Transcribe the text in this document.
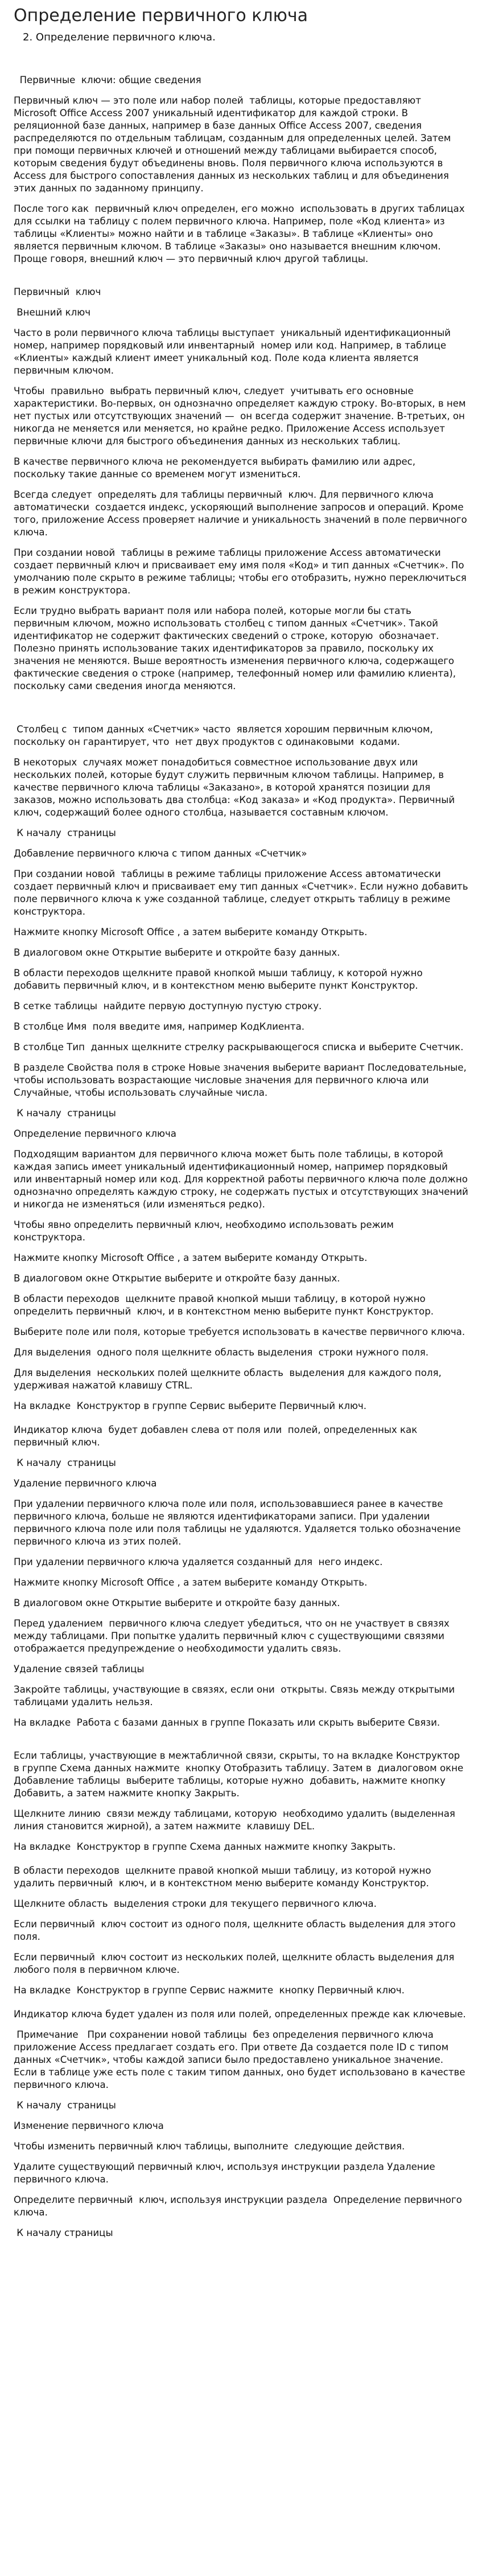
Определение первичного ключа
2. Определение первичного ключа.

Первичные  ключи: общие сведения

Первичный ключ — это поле или набор полей  таблицы, которые предоставляют  Microsoft Office Access 2007 уникальный идентификатор для каждой строки. В реляционной базе данных, например в базе данных Office Access 2007, сведения распределяются по отдельным таблицам, созданным для определенных целей. Затем при помощи первичных ключей и отношений между таблицами выбирается способ, которым сведения будут объединены вновь. Поля первичного ключа используются в Access для быстрого сопоставления данных из нескольких таблиц и для объединения этих данных по заданному принципу.

После того как  первичный ключ определен, его можно  использовать в других таблицах для ссылки на таблицу с полем первичного ключа. Например, поле «Код клиента» из таблицы «Клиенты» можно найти и в таблице «Заказы». В таблице «Клиенты» оно является первичным ключом. В таблице «Заказы» оно называется внешним ключом. Проще говоря, внешний ключ — это первичный ключ другой таблицы.

Первичный  ключ

Внешний ключ

Часто в роли первичного ключа таблицы выступает  уникальный идентификационный номер, например порядковый или инвентарный  номер или код. Например, в таблице «Клиенты» каждый клиент имеет уникальный код. Поле кода клиента является первичным ключом.

Чтобы  правильно  выбрать первичный ключ, следует  учитывать его основные характеристики. Во-первых, он однозначно определяет каждую строку. Во-вторых, в нем нет пустых или отсутствующих значений —  он всегда содержит значение. В-третьих, он никогда не меняется или меняется, но крайне редко. Приложение Access использует первичные ключи для быстрого объединения данных из нескольких таблиц.

В качестве первичного ключа не рекомендуется выбирать фамилию или адрес, поскольку такие данные со временем могут измениться.

Всегда следует  определять для таблицы первичный  ключ. Для первичного ключа  автоматически  создается индекс, ускоряющий выполнение запросов и операций. Кроме того, приложение Access проверяет наличие и уникальность значений в поле первичного ключа.

При создании новой  таблицы в режиме таблицы приложение Access автоматически создает первичный ключ и присваивает ему имя поля «Код» и тип данных «Счетчик». По умолчанию поле скрыто в режиме таблицы; чтобы его отобразить, нужно переключиться в режим конструктора.

Если трудно выбрать вариант поля или набора полей, которые могли бы стать первичным ключом, можно использовать столбец с типом данных «Счетчик». Такой идентификатор не содержит фактических сведений о строке, которую  обозначает. Полезно принять использование таких идентификаторов за правило, поскольку их значения не меняются. Выше вероятность изменения первичного ключа, содержащего фактические сведения о строке (например, телефонный номер или фамилию клиента), поскольку сами сведения иногда меняются.

Столбец с  типом данных «Счетчик» часто  является хорошим первичным ключом, поскольку он гарантирует, что  нет двух продуктов с одинаковыми  кодами.

В некоторых  случаях может понадобиться совместное использование двух или нескольких полей, которые будут служить первичным ключом таблицы. Например, в качестве первичного ключа таблицы «Заказано», в которой хранятся позиции для заказов, можно использовать два столбца: «Код заказа» и «Код продукта». Первичный ключ, содержащий более одного столбца, называется составным ключом.

К началу  страницы

Добавление первичного ключа с типом данных «Счетчик»

При создании новой  таблицы в режиме таблицы приложение Access автоматически создает первичный ключ и присваивает ему тип данных «Счетчик». Если нужно добавить поле первичного ключа к уже созданной таблице, следует открыть таблицу в режиме конструктора.

Нажмите кнопку Microsoft Office , а затем выберите команду Открыть.

В диалоговом окне Открытие выберите и откройте базу данных.

В области переходов щелкните правой кнопкой мыши таблицу, к которой нужно добавить первичный ключ, и в контекстном меню выберите пункт Конструктор.

В сетке таблицы  найдите первую доступную пустую строку.

В столбце Имя  поля введите имя, например КодКлиента.

В столбце Тип  данных щелкните стрелку раскрывающегося списка и выберите Счетчик.

В разделе Свойства поля в строке Новые значения выберите вариант Последовательные, чтобы использовать возрастающие числовые значения для первичного ключа или Случайные, чтобы использовать случайные числа.

К началу  страницы

Определение первичного ключа

Подходящим вариантом для первичного ключа может быть поле таблицы, в которой каждая запись имеет уникальный идентификационный номер, например порядковый или инвентарный номер или код. Для корректной работы первичного ключа поле должно однозначно определять каждую строку, не содержать пустых и отсутствующих значений и никогда не изменяться (или изменяться редко).

Чтобы явно определить первичный ключ, необходимо использовать режим конструктора.

Нажмите кнопку Microsoft Office , а затем выберите команду Открыть.

В диалоговом окне Открытие выберите и откройте базу данных.

В области переходов  щелкните правой кнопкой мыши таблицу, в которой нужно определить первичный  ключ, и в контекстном меню выберите пункт Конструктор.

Выберите поле или поля, которые требуется использовать в качестве первичного ключа.

Для выделения  одного поля щелкните область выделения  строки нужного поля.

Для выделения  нескольких полей щелкните область  выделения для каждого поля, удерживая нажатой клавишу CTRL.

На вкладке  Конструктор в группе Сервис выберите Первичный ключ.

Индикатор ключа  будет добавлен слева от поля или  полей, определенных как первичный ключ.

К началу  страницы

Удаление первичного ключа

При удалении первичного ключа поле или поля, использовавшиеся ранее в качестве первичного ключа, больше не являются идентификаторами записи. При удалении первичного ключа поле или поля таблицы не удаляются. Удаляется только обозначение первичного ключа из этих полей.

При удалении первичного ключа удаляется созданный для  него индекс.

Нажмите кнопку Microsoft Office , а затем выберите команду Открыть.

В диалоговом окне Открытие выберите и откройте базу данных.

Перед удалением  первичного ключа следует убедиться, что он не участвует в связях между таблицами. При попытке удалить первичный ключ с существующими связями отображается предупреждение о необходимости удалить связь.

Удаление связей таблицы

Закройте таблицы, участвующие в связях, если они  открыты. Связь между открытыми таблицами удалить нельзя.

На вкладке  Работа с базами данных в группе Показать или скрыть выберите Связи.

Если таблицы, участвующие в межтабличной связи, скрыты, то на вкладке Конструктор в группе Схема данных нажмите  кнопку Отобразить таблицу. Затем в  диалоговом окне Добавление таблицы  выберите таблицы, которые нужно  добавить, нажмите кнопку Добавить, а затем нажмите кнопку Закрыть.

Щелкните линию  связи между таблицами, которую  необходимо удалить (выделенная линия становится жирной), а затем нажмите  клавишу DEL.

На вкладке  Конструктор в группе Схема данных нажмите кнопку Закрыть.

В области переходов  щелкните правой кнопкой мыши таблицу, из которой нужно удалить первичный  ключ, и в контекстном меню выберите команду Конструктор.

Щелкните область  выделения строки для текущего первичного ключа.

Если первичный  ключ состоит из одного поля, щелкните область выделения для этого поля.

Если первичный  ключ состоит из нескольких полей, щелкните область выделения для любого поля в первичном ключе.

На вкладке  Конструктор в группе Сервис нажмите  кнопку Первичный ключ.

Индикатор ключа будет удален из поля или полей, определенных прежде как ключевые.

Примечание   При сохранении новой таблицы  без определения первичного ключа приложение Access предлагает создать его. При ответе Да создается поле ID с типом данных «Счетчик», чтобы каждой записи было предоставлено уникальное значение. Если в таблице уже есть поле с таким типом данных, оно будет использовано в качестве первичного ключа.

К началу  страницы

Изменение первичного ключа

Чтобы изменить первичный ключ таблицы, выполните  следующие действия.

Удалите существующий первичный ключ, используя инструкции раздела Удаление первичного ключа.

Определите первичный  ключ, используя инструкции раздела  Определение первичного ключа.

К началу страницы
